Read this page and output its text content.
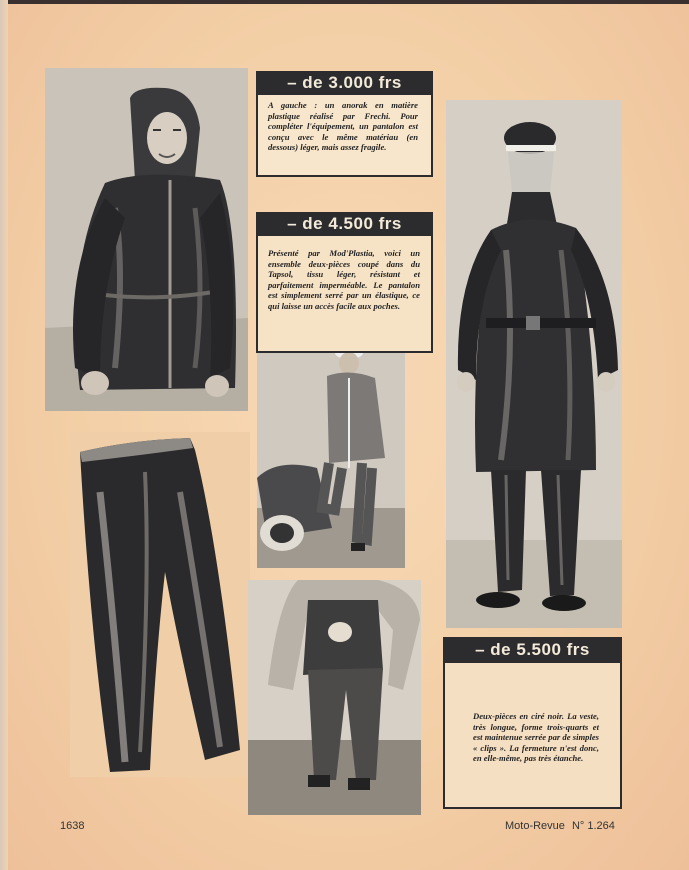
– de 3.000 frs
A gauche : un anorak en matière plastique réalisé par Frechi. Pour compléter l'équipement, un pantalon est conçu avec le même matériau (en dessous) léger, mais assez fragile.
– de 4.500 frs
Présenté par Mod'Plastia, voici un ensemble deux-pièces coupé dans du Tapsol, tissu léger, résistant et parfaitement imperméable. Le pantalon est simplement serré par un élastique, ce qui laisse un accès facile aux poches.
– de 5.500 frs
Deux-pièces en ciré noir. La veste, très longue, forme trois-quarts et est maintenue serrée par de simples « clips ». La fermeture n'est donc, en elle-même, pas très étanche.
1638	Moto-Revue N° 1.264
